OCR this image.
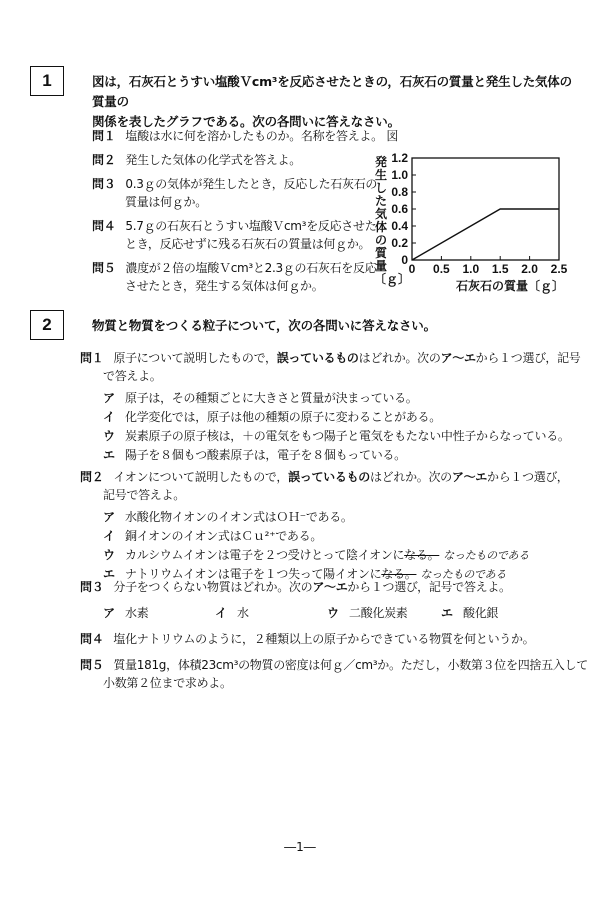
1	図は，石灰石とうすい塩酸Ｖcm³を反応させたときの，石灰石の質量と発生した気体の質量の
関係を表したグラフである。次の各問いに答えなさい。
問１ 塩酸は水に何を溶かしたものか。名称を答えよ。 図
問２ 発生した気体の化学式を答えよ。
問３ 0.3ｇの気体が発生したとき，反応した石灰石の
質量は何ｇか。
問４ 5.7ｇの石灰石とうすい塩酸Ｖcm³を反応させた
とき，反応せずに残る石灰石の質量は何ｇか。
問５ 濃度が２倍の塩酸Ｖcm³と2.3ｇの石灰石を反応
させたとき，発生する気体は何ｇか。
発生した気体の質量〔ｇ〕
0 0.5 1.0 1.5 2.0 2.5
0
0.2
0.4
0.6
0.8
1.0
1.2
石灰石の質量〔ｇ〕
2	物質と物質をつくる粒子について，次の各問いに答えなさい。
問１ 原子について説明したもので，誤っているものはどれか。次のア～エから１つ選び，記号
で答えよ。
ア 原子は，その種類ごとに大きさと質量が決まっている。
イ 化学変化では，原子は他の種類の原子に変わることがある。
ウ 炭素原子の原子核は，＋の電気をもつ陽子と電気をもたない中性子からなっている。
エ 陽子を８個もつ酸素原子は，電子を８個もっている。
問２ イオンについて説明したもので，誤っているものはどれか。次のア～エから１つ選び，
記号で答えよ。
ア 水酸化物イオンのイオン式はＯＨ⁻である。
イ 銅イオンのイオン式はＣｕ²⁺である。
ウ カルシウムイオンは電子を２つ受けとって陰イオンになる。 なったものである
エ ナトリウムイオンは電子を１つ失って陽イオンになる。 なったものである
問３ 分子をつくらない物質はどれか。次のア～エから１つ選び，記号で答えよ。
ア 水素	イ 水	ウ 二酸化炭素	エ 酸化銀
問４ 塩化ナトリウムのように，２種類以上の原子からできている物質を何というか。
問５ 質量181g，体積23cm³の物質の密度は何ｇ／cm³か。ただし，小数第３位を四捨五入して
小数第２位まで求めよ。
―1―
